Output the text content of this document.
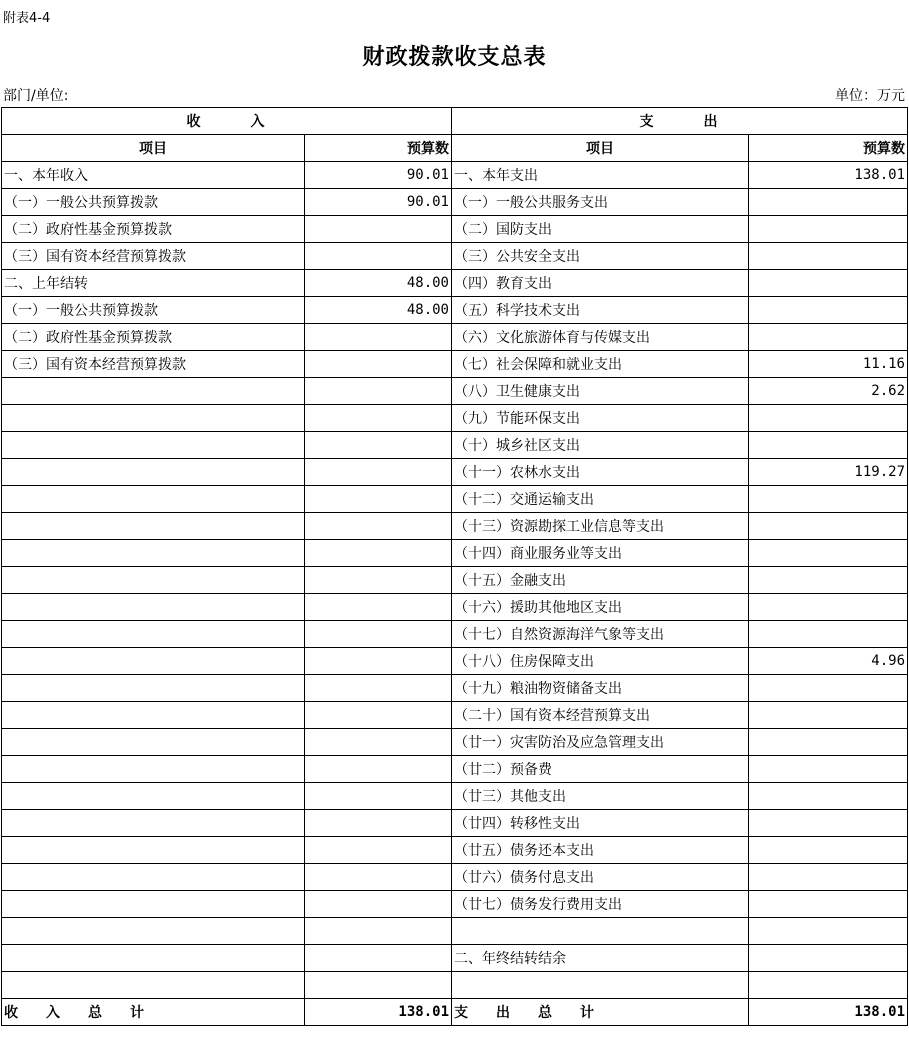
附表4-4
财政拨款收支总表
部门/单位:	单位：万元
收　　　入		支　　　出	
项目	预算数	项目	预算数
一、本年收入	90.01	一、本年支出	138.01
（一）一般公共预算拨款	90.01	（一）一般公共服务支出	
（二）政府性基金预算拨款		（二）国防支出	
（三）国有资本经营预算拨款		（三）公共安全支出	
二、上年结转	48.00	（四）教育支出	
（一）一般公共预算拨款	48.00	（五）科学技术支出	
（二）政府性基金预算拨款		（六）文化旅游体育与传媒支出	
（三）国有资本经营预算拨款		（七）社会保障和就业支出	11.16
		（八）卫生健康支出	2.62
		（九）节能环保支出	
		（十）城乡社区支出	
		（十一）农林水支出	119.27
		（十二）交通运输支出	
		（十三）资源勘探工业信息等支出	
		（十四）商业服务业等支出	
		（十五）金融支出	
		（十六）援助其他地区支出	
		（十七）自然资源海洋气象等支出	
		（十八）住房保障支出	4.96
		（十九）粮油物资储备支出	
		（二十）国有资本经营预算支出	
		（廿一）灾害防治及应急管理支出	
		（廿二）预备费	
		（廿三）其他支出	
		（廿四）转移性支出	
		（廿五）债务还本支出	
		（廿六）债务付息支出	
		（廿七）债务发行费用支出	

		二、年终结转结余	

收　　入　　总　　计	138.01	支　　出　　总　　计	138.01
